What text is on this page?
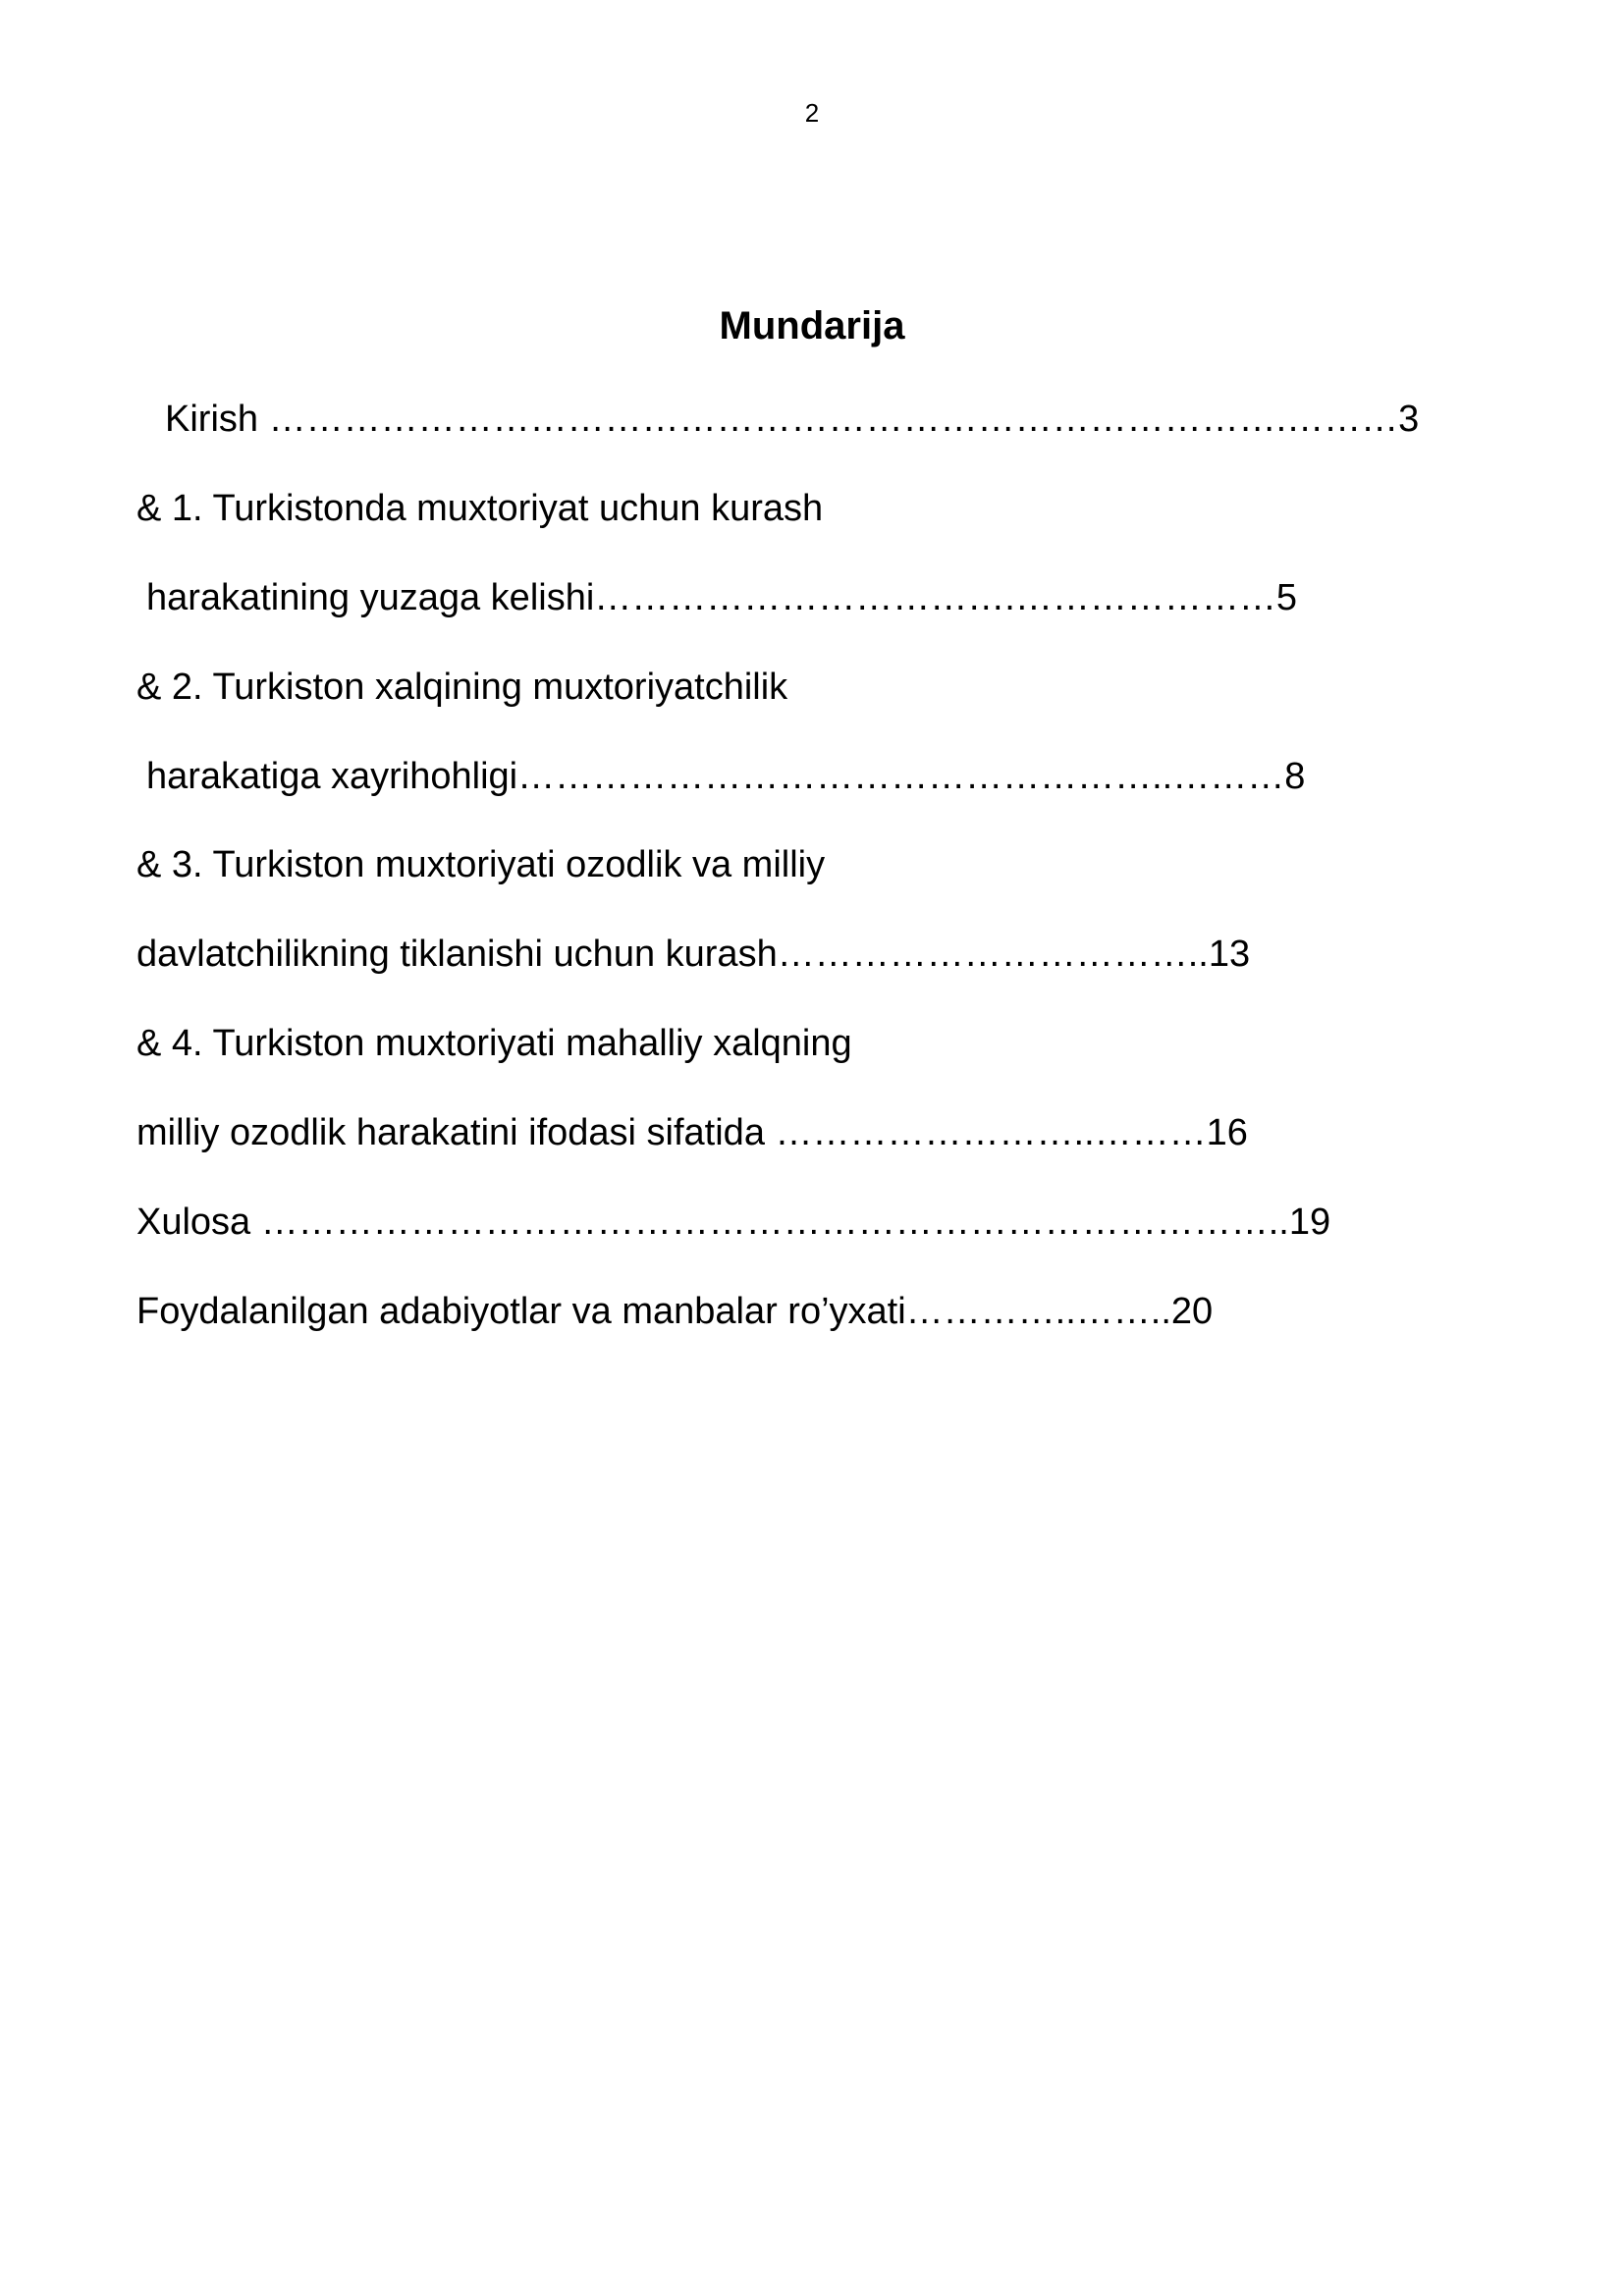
2
Mundarija
Kirish ……………………………………………………………………….………3
& 1. Turkistonda muxtoriyat uchun kurash
harakatining yuzaga kelishi…………………………….…………………5
& 2. Turkiston xalqining muxtoriyatchilik
harakatiga xayrihohligi……………………………………………..………8
& 3. Turkiston muxtoriyati ozodlik va milliy
davlatchilikning tiklanishi uchun kurash……………………………..13
& 4. Turkiston muxtoriyati mahalliy xalqning
milliy ozodlik harakatini ifodasi sifatida ……………………..………16
Xulosa ………………………………………………………………………..19
Foydalanilgan adabiyotlar va manbalar ro’yxati…………..……..20
